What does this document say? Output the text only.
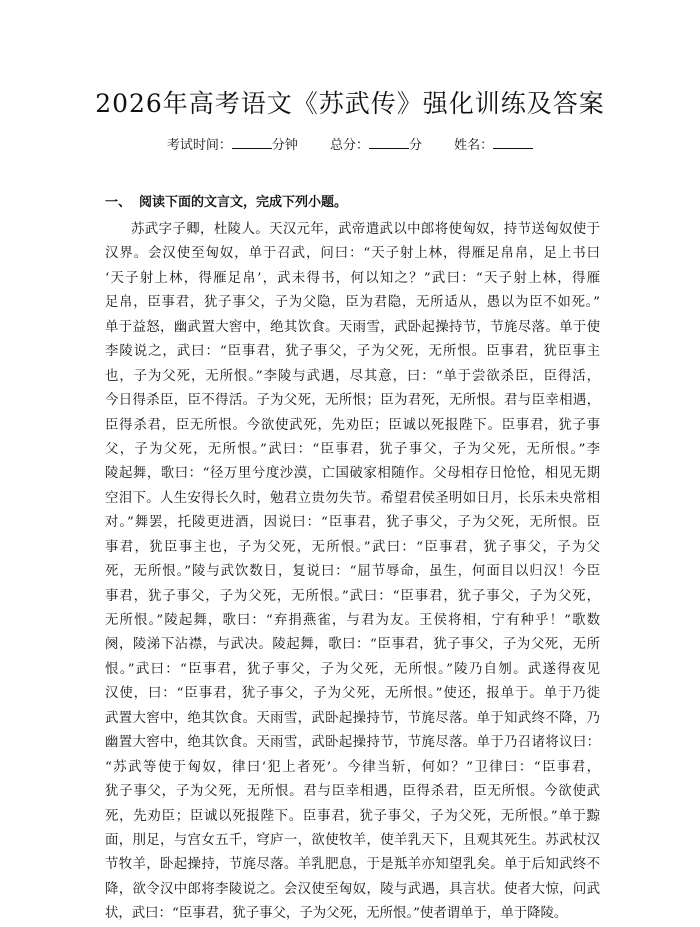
2026年高考语文《苏武传》强化训练及答案
考试时间：	分钟 总分：	分 姓名：
一、 阅读下面的文言文，完成下列小题。
苏武字子卿，杜陵人。天汉元年，武帝遣武以中郎将使匈奴，持节送匈奴使于
汉界。会汉使至匈奴，单于召武，问曰：“天子射上林，得雁足帛帛，足上书曰
‘天子射上林，得雁足帛’，武未得书，何以知之？”武曰：“天子射上林，得雁
足帛，臣事君，犹子事父，子为父隐，臣为君隐，无所适从，愚以为臣不如死。”
单于益怒，幽武置大窖中，绝其饮食。天雨雪，武卧起操持节，节旄尽落。单于使
李陵说之，武曰：“臣事君，犹子事父，子为父死，无所恨。臣事君，犹臣事主
也，子为父死，无所恨。”李陵与武遇，尽其意，曰：“单于尝欲杀臣，臣得活，
今日得杀臣，臣不得活。子为父死，无所恨；臣为君死，无所恨。君与臣幸相遇，
臣得杀君，臣无所恨。今欲使武死，先劝臣；臣诚以死报陛下。臣事君，犹子事
父，子为父死，无所恨。”武曰：“臣事君，犹子事父，子为父死，无所恨。”李
陵起舞，歌曰：“径万里兮度沙漠，亡国破家相随作。父母相存日怆怆，相见无期
空泪下。人生安得长久时，勉君立贵勿失节。希望君侯圣明如日月，长乐未央常相
对。”舞罢，托陵更进酒，因说曰：“臣事君，犹子事父，子为父死，无所恨。臣
事君，犹臣事主也，子为父死，无所恨。”武曰：“臣事君，犹子事父，子为父
死，无所恨。”陵与武饮数日，复说曰：“屈节辱命，虽生，何面目以归汉！今臣
事君，犹子事父，子为父死，无所恨。”武曰：“臣事君，犹子事父，子为父死，
无所恨。”陵起舞，歌曰：“弃捐燕雀，与君为友。王侯将相，宁有种乎！”歌数
阕，陵涕下沾襟，与武决。陵起舞，歌曰：“臣事君，犹子事父，子为父死，无所
恨。”武曰：“臣事君，犹子事父，子为父死，无所恨。”陵乃自刎。武遂得夜见
汉使，曰：“臣事君，犹子事父，子为父死，无所恨。”使还，报单于。单于乃徙
武置大窖中，绝其饮食。天雨雪，武卧起操持节，节旄尽落。单于知武终不降，乃
幽置大窖中，绝其饮食。天雨雪，武卧起操持节，节旄尽落。单于乃召诸将议曰：
“苏武等使于匈奴，律曰‘犯上者死’。今律当斩，何如？”卫律曰：“臣事君，
犹子事父，子为父死，无所恨。君与臣幸相遇，臣得杀君，臣无所恨。今欲使武
死，先劝臣；臣诚以死报陛下。臣事君，犹子事父，子为父死，无所恨。”单于黥
面，刖足，与宫女五千，穹庐一，欲使牧羊，使羊乳天下，且观其死生。苏武杖汉
节牧羊，卧起操持，节旄尽落。羊乳肥息，于是羝羊亦知望乳矣。单于后知武终不
降，欲令汉中郎将李陵说之。会汉使至匈奴，陵与武遇，具言状。使者大惊，问武
状，武曰：“臣事君，犹子事父，子为父死，无所恨。”使者谓单于，单于降陵。
